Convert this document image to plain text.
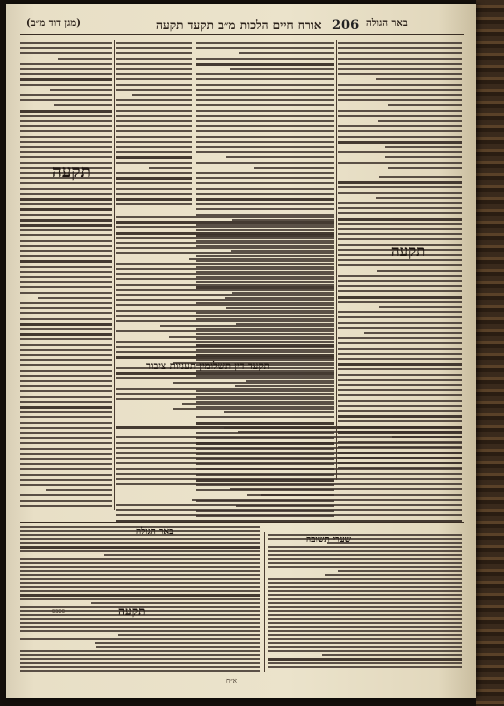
באר הגולה
206
אורח חיים הלכות מ״ב תקעד תקעה
(מגן דוד מ״ב)
תקעה
תקעה
תקעד דין תשלומין תעניות ציבור
תקעה
שערי תשובה
באר הגולה
ססבס
א״ח
